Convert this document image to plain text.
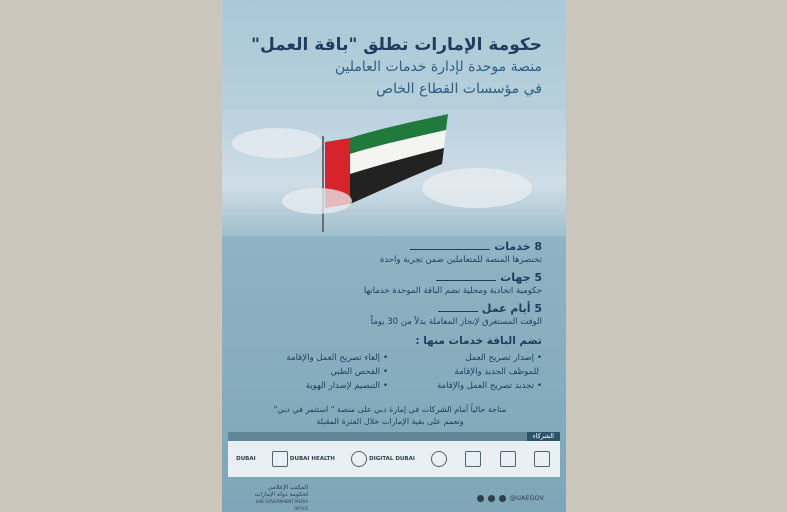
حكومة الإمارات تطلق "باقة العمل"
منصة موحدة لإدارة خدمات العاملين
في مؤسسات القطاع الخاص
8 خدمات
تختصرها المنصة للمتعاملين ضمن تجربة واحدة
5 جهات
حكومية اتحادية ومحلية تضم الباقة الموحدة خدماتها
5 أيام عمل
الوقت المستغرق لإنجاز المعاملة بدلاً من 30 يوماً
تضم الباقة خدمات منها :
•إصدار تصريح العمل
•إلغاء تصريح العمل والإقامة
للموظف الجديد والإقامة
•الفحص الطبي
•تجديد تصريح العمل والإقامة
•التبصيم لإصدار الهوية
متاحة حالياً أمام الشركات في إمارة دبي على منصة " استثمر في دبي"
وتعمم على بقية الإمارات خلال الفترة المقبلة
الشركاء
DUBAI	DUBAI HEALTH	DIGITAL DUBAI
المكتب الإعلامي لحكومة دولة الإمارات
UAE GOVERNMENT MEDIA OFFICE
@UAEGOV
